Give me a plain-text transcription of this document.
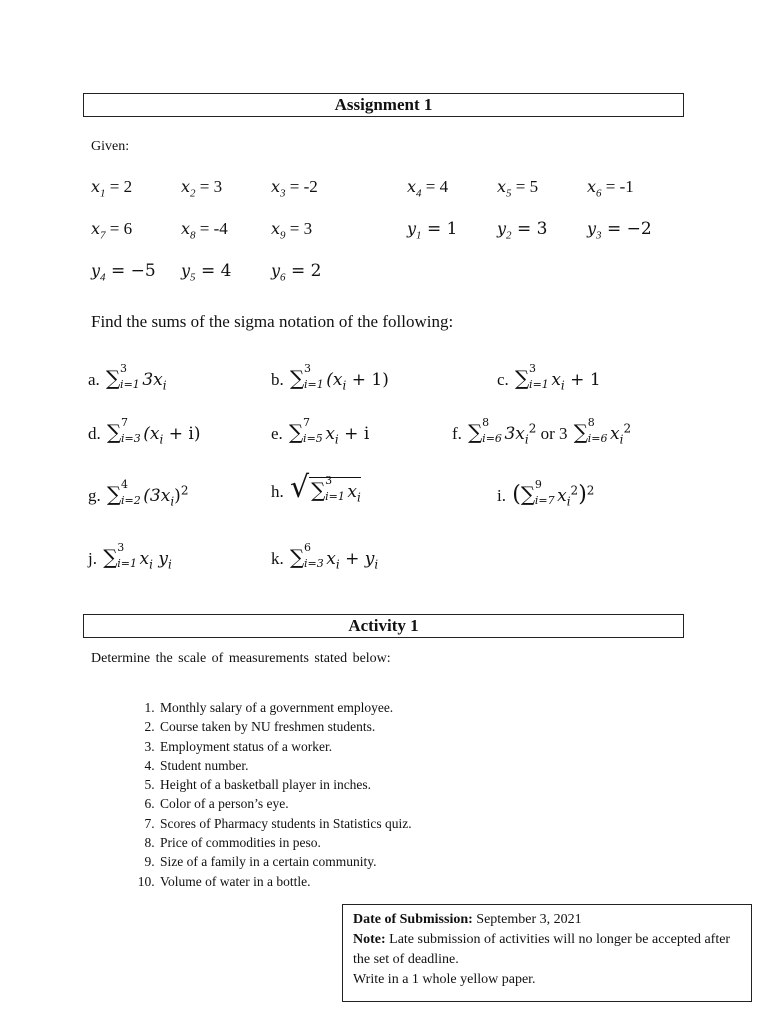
Assignment 1
Given:
$x_1 = 2$	$x_2 = 3$	$x_3 = -2$	$x_4 = 4$	$x_5 = 5$	$x_6 = -1$
$x_7 = 6$	$x_8 = -4$	$x_9 = 3$	$y_1 = 1$ $y_2 = 3$ $y_3 = -2$
$y_4 = -5$ $y_5 = 4$ $y_6 = 2$
Find the sums of the sigma notation of the following:
a. ∑ 3
i=1 $3x_i$	b. ∑ 3
i=1 $(x_i + 1)$	c. ∑ 3
i=1 $x_i + 1$
d. ∑ 7
i=3 $(x_i + i)$	e. ∑ 7
i=5 $x_i + i$	f. ∑ 8
i=6 $3x_i^2$ or 3 ∑ 8
i=6 $x_i^2$
g. ∑ 4
i=2 $(3x_i)^2$	h. √ ∑ 3
i=1 $x_i$	i. (∑ 9
i=7 $x_i^2)^2$
j. ∑ 3
i=1 $x_i$ $y_i$	k. ∑ 6
i=3 $x_i + y_i$
Activity 1
Determine the scale of measurements stated below:
1. Monthly salary of a government employee.
2. Course taken by NU freshmen students.
3. Employment status of a worker.
4. Student number.
5. Height of a basketball player in inches.
6. Color of a person’s eye.
7. Scores of Pharmacy students in Statistics quiz.
8. Price of commodities in peso.
9. Size of a family in a certain community.
10. Volume of water in a bottle.
Date of Submission: September 3, 2021
Note: Late submission of activities will no longer be accepted after the set of deadline.
Write in a 1 whole yellow paper.
